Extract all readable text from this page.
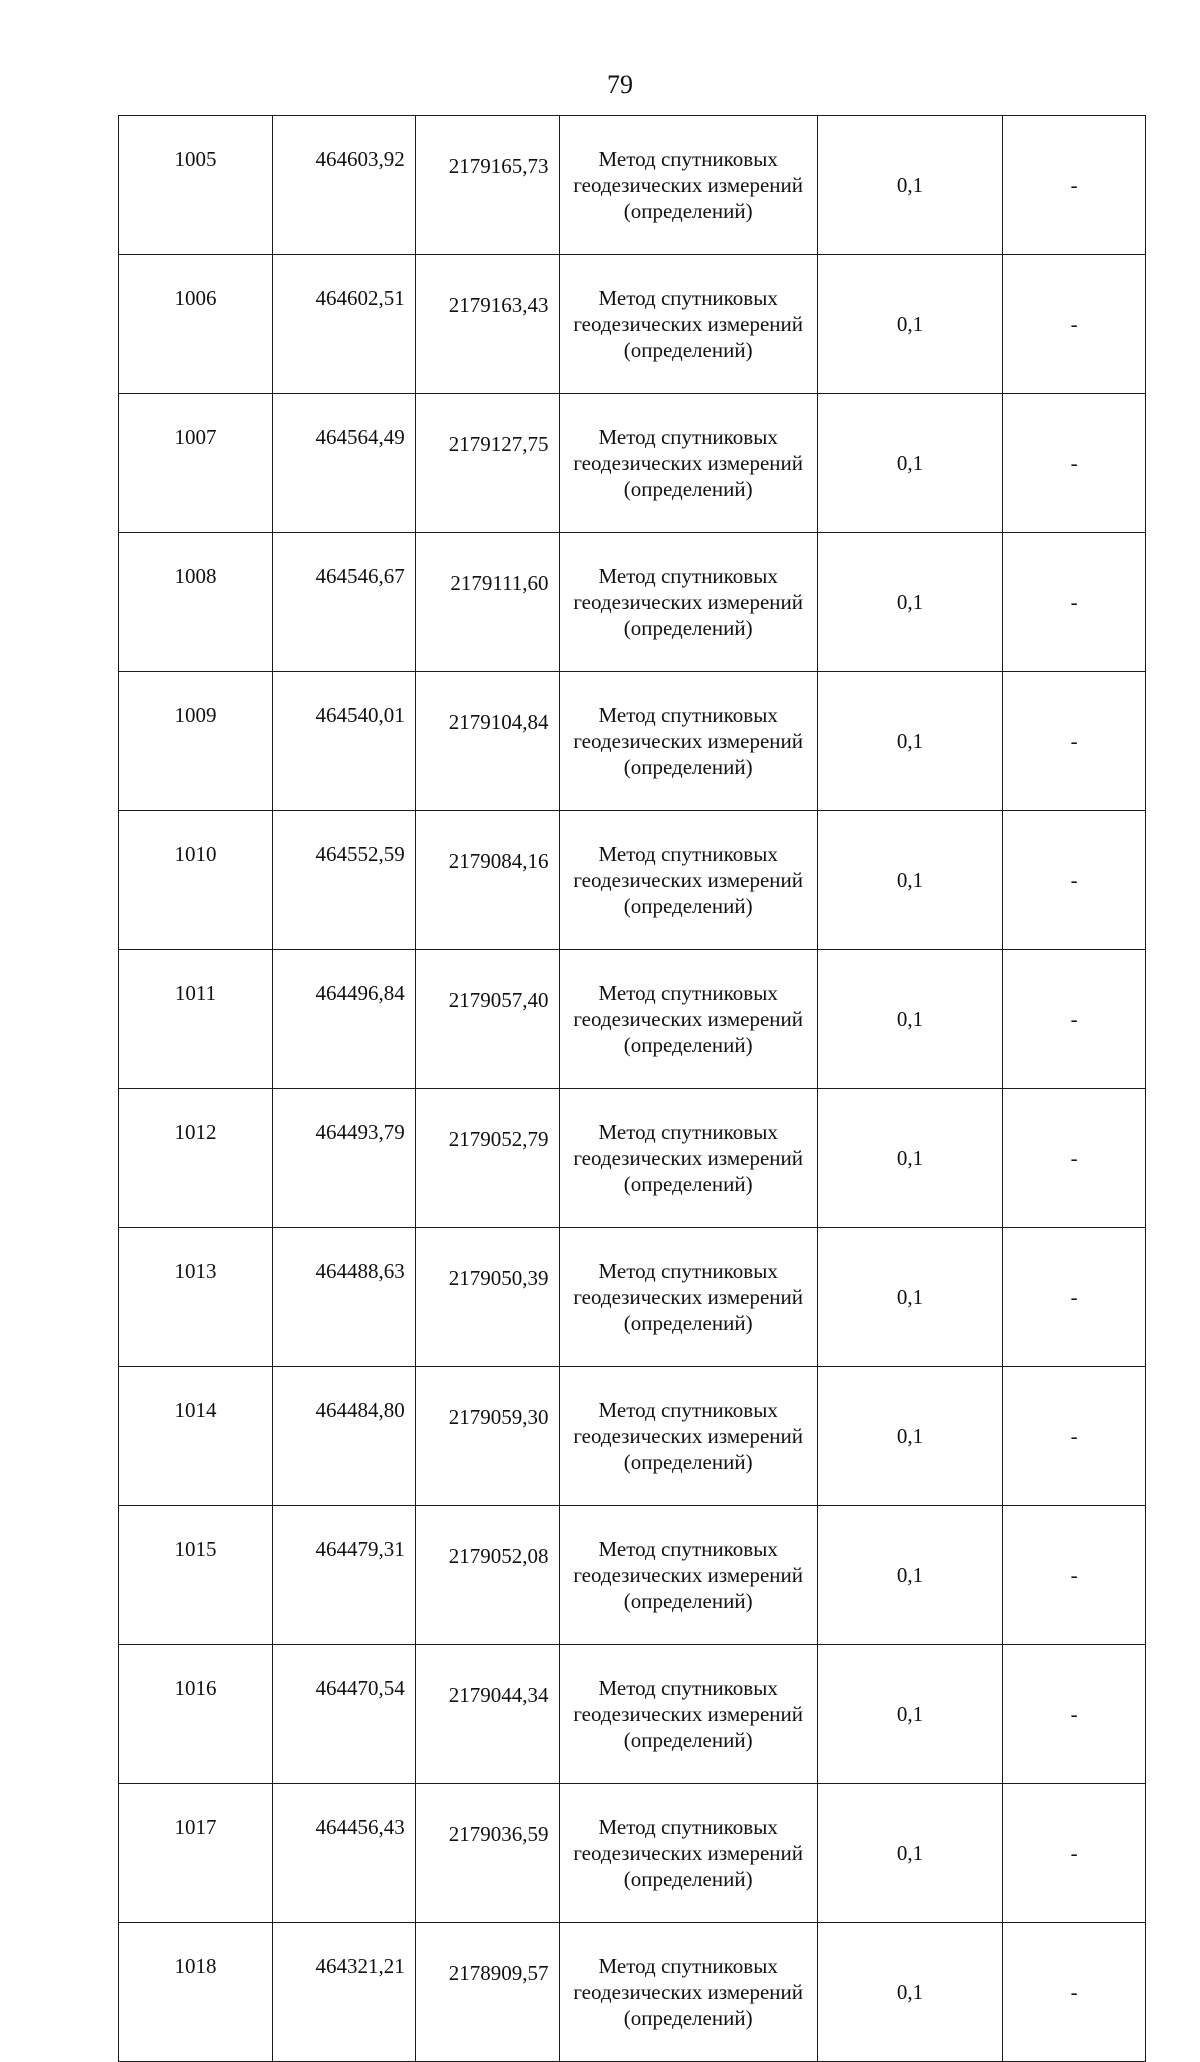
79
1005	464603,92	2179165,73	Метод спутниковых
геодезических измерений
(определений)	0,1	-
1006	464602,51	2179163,43	Метод спутниковых
геодезических измерений
(определений)	0,1	-
1007	464564,49	2179127,75	Метод спутниковых
геодезических измерений
(определений)	0,1	-
1008	464546,67	2179111,60	Метод спутниковых
геодезических измерений
(определений)	0,1	-
1009	464540,01	2179104,84	Метод спутниковых
геодезических измерений
(определений)	0,1	-
1010	464552,59	2179084,16	Метод спутниковых
геодезических измерений
(определений)	0,1	-
1011	464496,84	2179057,40	Метод спутниковых
геодезических измерений
(определений)	0,1	-
1012	464493,79	2179052,79	Метод спутниковых
геодезических измерений
(определений)	0,1	-
1013	464488,63	2179050,39	Метод спутниковых
геодезических измерений
(определений)	0,1	-
1014	464484,80	2179059,30	Метод спутниковых
геодезических измерений
(определений)	0,1	-
1015	464479,31	2179052,08	Метод спутниковых
геодезических измерений
(определений)	0,1	-
1016	464470,54	2179044,34	Метод спутниковых
геодезических измерений
(определений)	0,1	-
1017	464456,43	2179036,59	Метод спутниковых
геодезических измерений
(определений)	0,1	-
1018	464321,21	2178909,57	Метод спутниковых
геодезических измерений
(определений)	0,1	-
